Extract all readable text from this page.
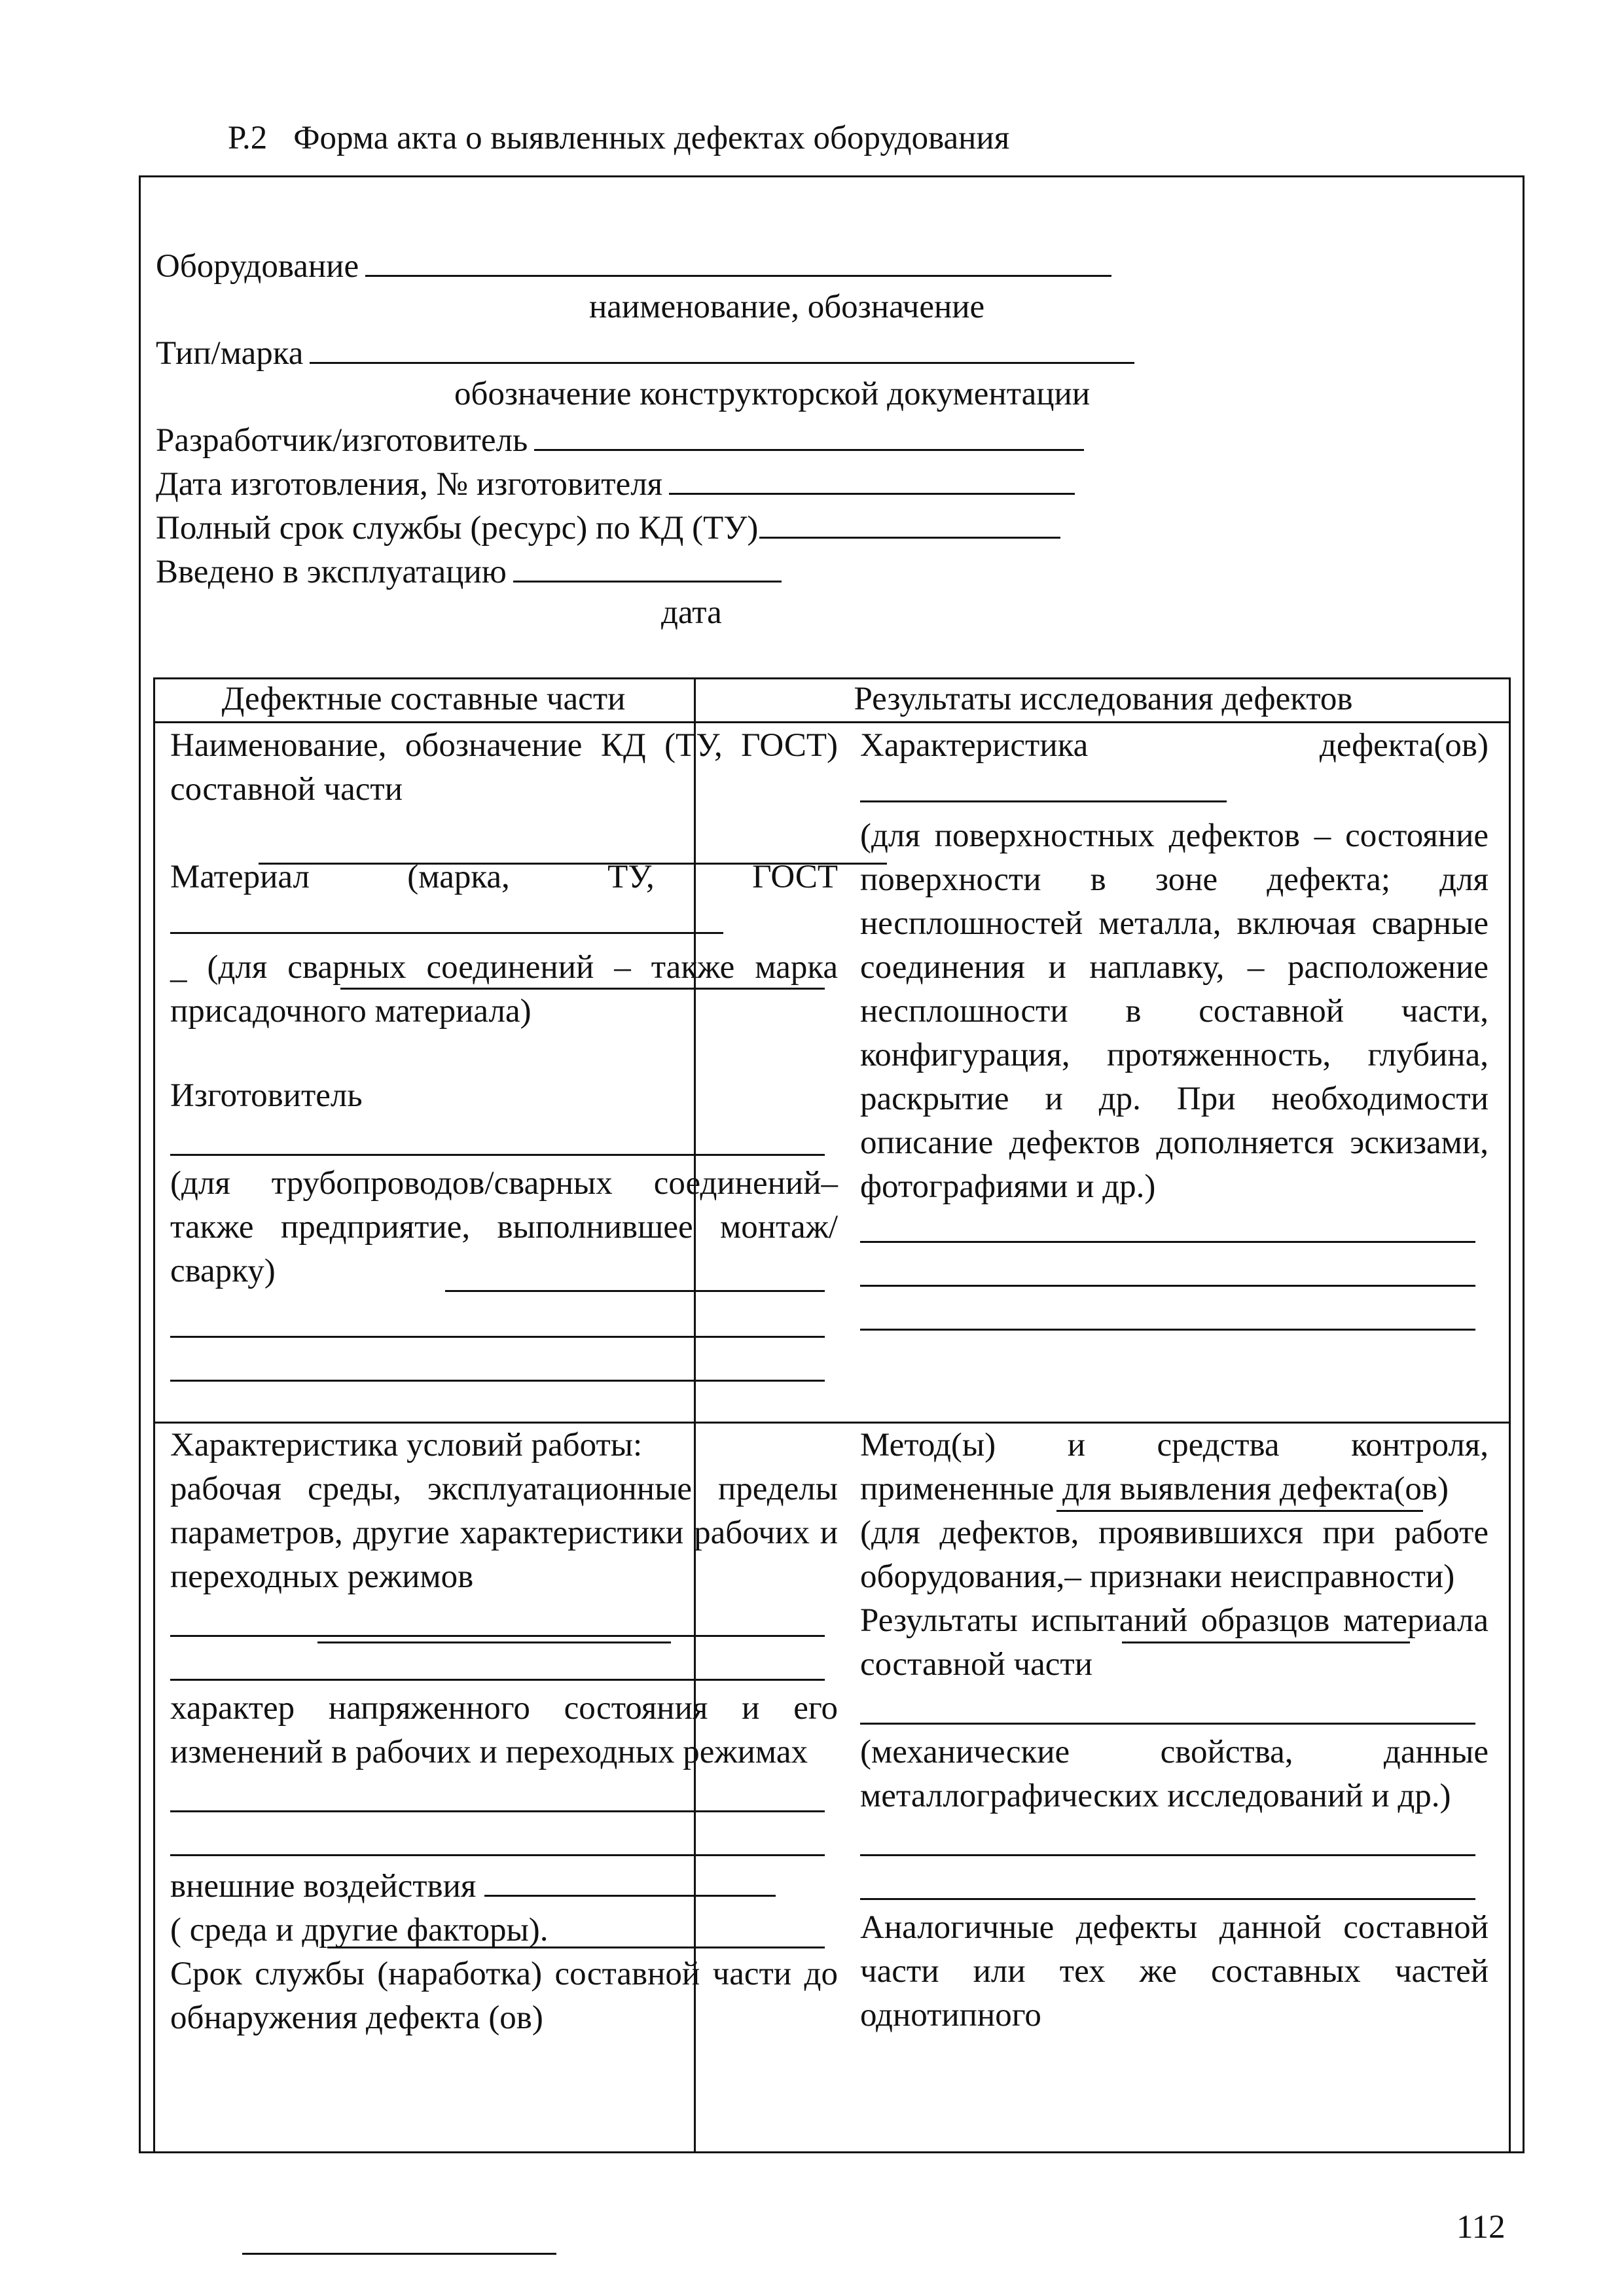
Р.2 Форма акта о выявленных дефектах оборудования
Оборудование
наименование, обозначение
Тип/марка
обозначение конструкторской документации
Разработчик/изготовитель
Дата изготовления, № изготовителя
Полный срок службы (ресурс) по КД (ТУ)
Введено в эксплуатацию
дата
Дефектные составные части	Результаты исследования дефектов

Наименование, обозначение КД (ТУ, ГОСТ) составной части

Материал (марка, ТУ, ГОСТ

_ (для сварных соединений – также марка присадочного материала)

Изготовитель

(для трубопроводов/сварных соединений– также предприятие, выполнившее монтаж/сварку)

Характеристика дефекта(ов)

(для поверхностных дефектов – состояние поверхности в зоне дефекта; для несплошностей металла, включая сварные соединения и наплавку, – расположение несплошности в составной части, конфигурация, протяженность, глубина, раскрытие и др. При необходимости описание дефектов дополняется эскизами, фотографиями и др.)

Характеристика условий работы:

рабочая среды, эксплуатационные пределы параметров, другие характеристики рабочих и переходных режимов

характер напряженного состояния и его изменений в рабочих и переходных режимах

внешние воздействия

( среда и другие факторы).

Срок службы (наработка) составной части до обнаружения дефекта (ов)

Метод(ы) и средства контроля, примененные для выявления дефекта(ов)

(для дефектов, проявившихся при работе оборудования,– признаки неисправности)

Результаты испытаний образцов материала составной части

(механические свойства, данные металлографических исследований и др.)

Аналогичные дефекты данной составной части или тех же составных частей однотипного

112
